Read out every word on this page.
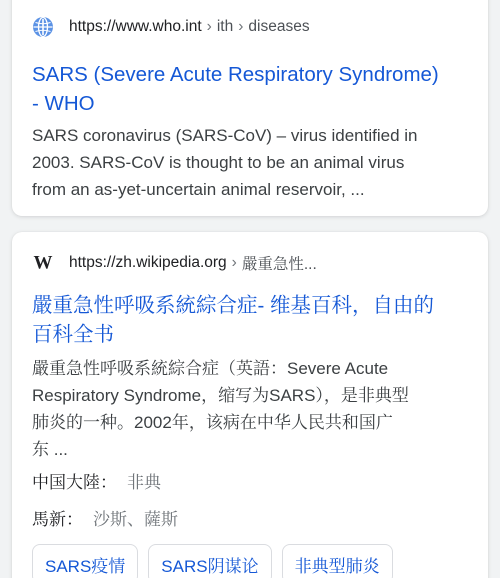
https://www.who.int › ith › diseases
SARS (Severe Acute Respiratory Syndrome)
- WHO
SARS coronavirus (SARS-CoV) – virus identified in
2003. SARS-CoV is thought to be an animal virus
from an as-yet-uncertain animal reservoir, ...
W https://zh.wikipedia.org › 嚴重急性...
嚴重急性呼吸系統綜合症- 维基百科，自由的
百科全书
嚴重急性呼吸系統綜合症（英語：Severe Acute
Respiratory Syndrome，缩写为SARS），是非典型
肺炎的一种。2002年，该病在中华人民共和国广
东 ...
中国大陸： 非典
馬新： 沙斯、薩斯
SARS疫情	SARS阴谋论	非典型肺炎
